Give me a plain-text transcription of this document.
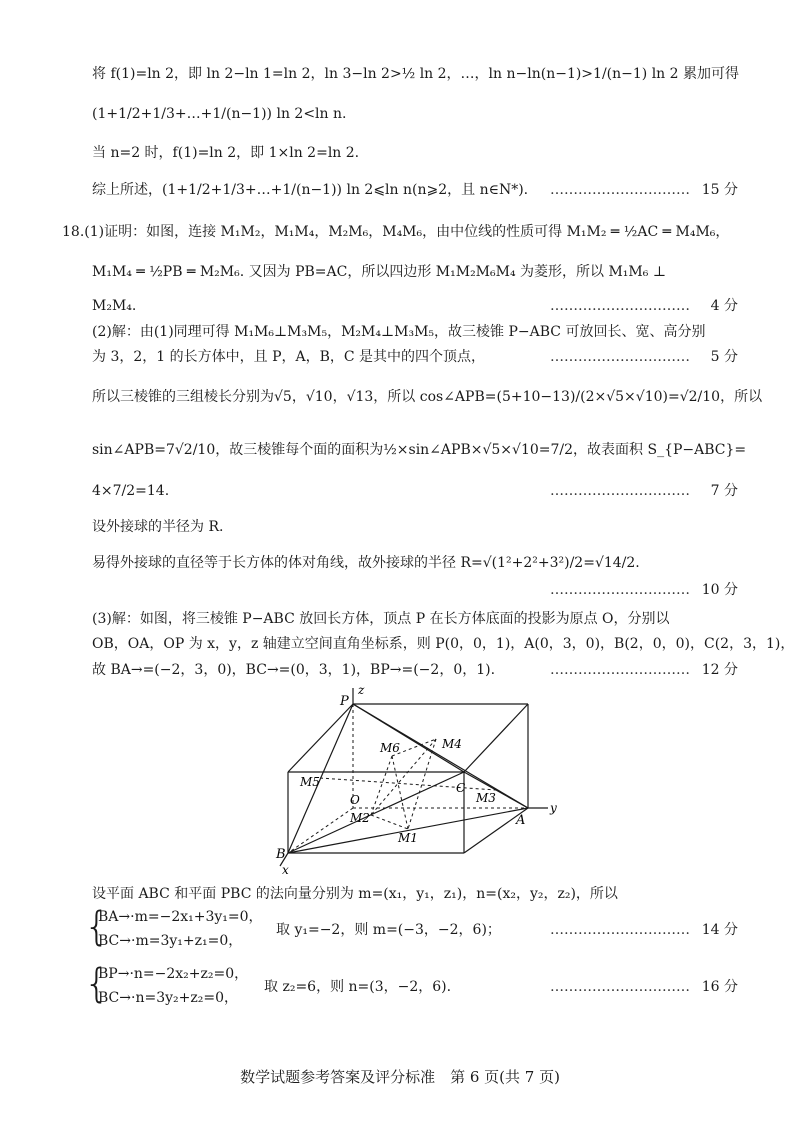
将 f(1)=ln 2，即 ln 2−ln 1=ln 2，ln 3−ln 2>½ ln 2，…，ln n−ln(n−1)>1/(n−1) ln 2 累加可得
(1+1/2+1/3+…+1/(n−1)) ln 2<ln n.
当 n=2 时，f(1)=ln 2，即 1×ln 2=ln 2.
综上所述，(1+1/2+1/3+…+1/(n−1)) ln 2⩽ln n(n⩾2，且 n∈N*).	15 分
18.(1)证明：如图，连接 M₁M₂，M₁M₄，M₂M₆，M₄M₆，由中位线的性质可得 M₁M₂ ═ ½AC ═ M₄M₆，
M₁M₄ ═ ½PB ═ M₂M₆. 又因为 PB=AC，所以四边形 M₁M₂M₆M₄ 为菱形，所以 M₁M₆ ⊥
M₂M₄.	4 分
(2)解：由(1)同理可得 M₁M₆⊥M₃M₅，M₂M₄⊥M₃M₅，故三棱锥 P−ABC 可放回长、宽、高分别
为 3，2，1 的长方体中，且 P，A，B，C 是其中的四个顶点，	5 分
所以三棱锥的三组棱长分别为√5，√10，√13，所以 cos∠APB=(5+10−13)/(2×√5×√10)=√2/10，所以
sin∠APB=7√2/10，故三棱锥每个面的面积为½×sin∠APB×√5×√10=7/2，故表面积 S_{P−ABC}=
4×7/2=14.	7 分
设外接球的半径为 R.
易得外接球的直径等于长方体的体对角线，故外接球的半径 R=√(1²+2²+3²)/2=√14/2.
10 分
(3)解：如图，将三棱锥 P−ABC 放回长方体，顶点 P 在长方体底面的投影为原点 O，分别以
OB，OA，OP 为 x，y，z 轴建立空间直角坐标系，则 P(0，0，1)，A(0，3，0)，B(2，0，0)，C(2，3，1)，
故 BA→=(−2，3，0)，BC→=(0，3，1)，BP→=(−2，0，1).	12 分
P
z
M6	M4
M5
O
C
M3
A
y
M2
M1
B
x
设平面 ABC 和平面 PBC 的法向量分别为 m=(x₁，y₁，z₁)，n=(x₂，y₂，z₂)，所以
{
BA→·m=−2x₁+3y₁=0，
BC→·m=3y₁+z₁=0，
取 y₁=−2，则 m=(−3，−2，6)；	14 分
{
BP→·n=−2x₂+z₂=0，
BC→·n=3y₂+z₂=0，
取 z₂=6，则 n=(3，−2，6).	16 分
数学试题参考答案及评分标准　第 6 页(共 7 页)
…………………………
…………………………
…………………………
…………………………
…………………………
…………………………
…………………………
…………………………
